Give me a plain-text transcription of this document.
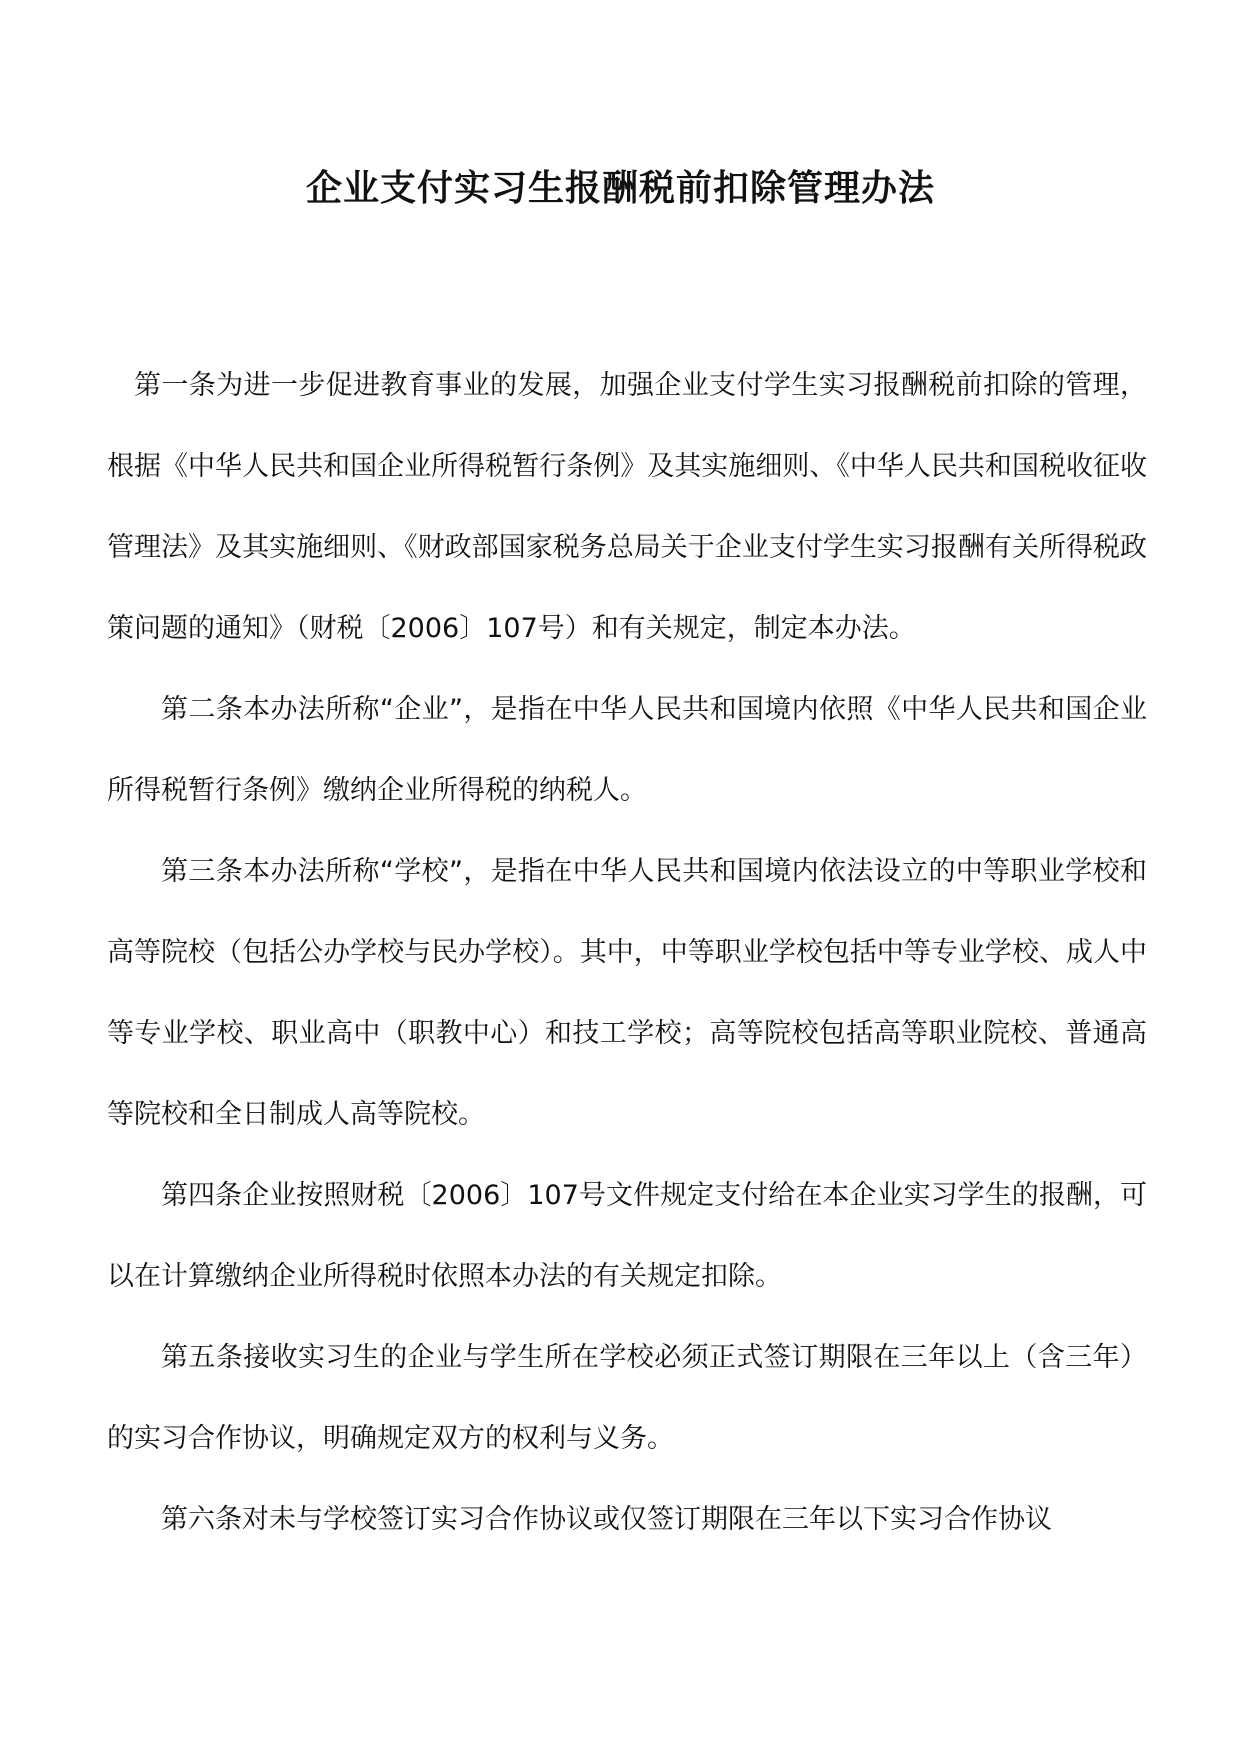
企业支付实习生报酬税前扣除管理办法

第一条为进一步促进教育事业的发展，加强企业支付学生实习报酬税前扣除的管理，根据《中华人民共和国企业所得税暂行条例》及其实施细则、《中华人民共和国税收征收管理法》及其实施细则、《财政部国家税务总局关于企业支付学生实习报酬有关所得税政策问题的通知》（财税〔2006〕107号）和有关规定，制定本办法。

第二条本办法所称“企业”，是指在中华人民共和国境内依照《中华人民共和国企业所得税暂行条例》缴纳企业所得税的纳税人。

第三条本办法所称“学校”，是指在中华人民共和国境内依法设立的中等职业学校和高等院校（包括公办学校与民办学校）。其中，中等职业学校包括中等专业学校、成人中等专业学校、职业高中（职教中心）和技工学校；高等院校包括高等职业院校、普通高等院校和全日制成人高等院校。

第四条企业按照财税〔2006〕107号文件规定支付给在本企业实习学生的报酬，可以在计算缴纳企业所得税时依照本办法的有关规定扣除。

第五条接收实习生的企业与学生所在学校必须正式签订期限在三年以上（含三年）的实习合作协议，明确规定双方的权利与义务。

第六条对未与学校签订实习合作协议或仅签订期限在三年以下实习合作协议
